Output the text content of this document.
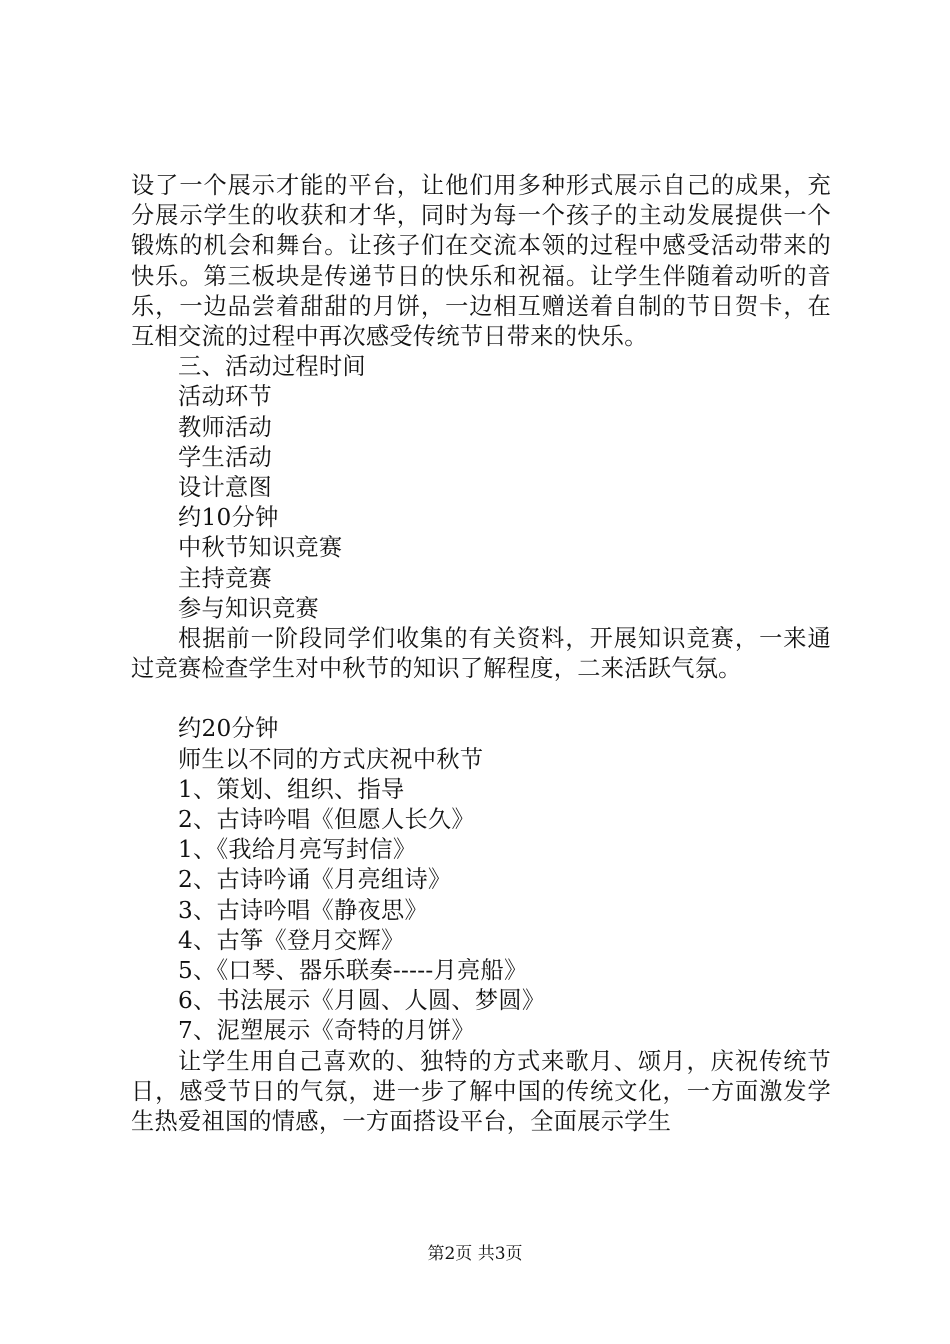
设了一个展示才能的平台，让他们用多种形式展示自己的成果，充分展示学生的收获和才华，同时为每一个孩子的主动发展提供一个锻炼的机会和舞台。让孩子们在交流本领的过程中感受活动带来的快乐。第三板块是传递节日的快乐和祝福。让学生伴随着动听的音乐，一边品尝着甜甜的月饼，一边相互赠送着自制的节日贺卡，在互相交流的过程中再次感受传统节日带来的快乐。

三、活动过程时间

活动环节

教师活动

学生活动

设计意图

约10分钟

中秋节知识竞赛

主持竞赛

参与知识竞赛

根据前一阶段同学们收集的有关资料，开展知识竞赛，一来通过竞赛检查学生对中秋节的知识了解程度，二来活跃气氛。

约20分钟

师生以不同的方式庆祝中秋节

1、策划、组织、指导

2、古诗吟唱《但愿人长久》

1、《我给月亮写封信》

2、古诗吟诵《月亮组诗》

3、古诗吟唱《静夜思》

4、古筝《登月交辉》

5、《口琴、器乐联奏-----月亮船》

6、书法展示《月圆、人圆、梦圆》

7、泥塑展示《奇特的月饼》

让学生用自己喜欢的、独特的方式来歌月、颂月，庆祝传统节日，感受节日的气氛，进一步了解中国的传统文化，一方面激发学生热爱祖国的情感，一方面搭设平台，全面展示学生

第2页 共3页
